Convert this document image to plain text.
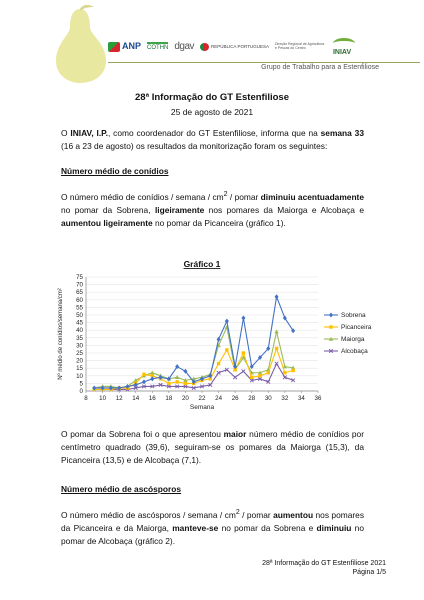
ANP COTHN dgav	REPÚBLICA PORTUGUESA Direção Regional de Agricultura e Pescas do Centro
INIAV
Grupo de Trabalho para a Estenfiliose
28ª Informação do GT Estenfiliose
25 de agosto de 2021

O INIAV, I.P., como coordenador do GT Estenfiliose, informa que na semana 33 (16 a 23 de agosto) os resultados da monitorização foram os seguintes:

Número médio de conídios

O número médio de conídios / semana / $cm^2$ / pomar diminuiu acentuadamente no pomar da Sobrena, ligeiramente nos pomares da Maiorga e Alcobaça e aumentou ligeiramente no pomar da Picanceira (gráfico 1).

Gráfico 1
0
5
10
15
20
25
30
35
40
45
50
55
60
65
70
75
8 10 12 14 16 18 20 22 24 26 28 30 32 34 36
Semana
Nº médio de conídios/semana/cm²	Sobrena
Picanceira
Maiorga
Alcobaça

O pomar da Sobrena foi o que apresentou maior número médio de conídios por centímetro quadrado (39,6), seguiram-se os pomares da Maiorga (15,3), da Picanceira (13,5) e de Alcobaça (7,1).

Número médio de ascósporos

O número médio de ascósporos / semana / $cm^2$ / pomar aumentou nos pomares da Picanceira e da Maiorga, manteve-se no pomar da Sobrena e diminuiu no pomar de Alcobaça (gráfico 2).

28ª Informação do GT Estenfiliose 2021
Página 1/5
